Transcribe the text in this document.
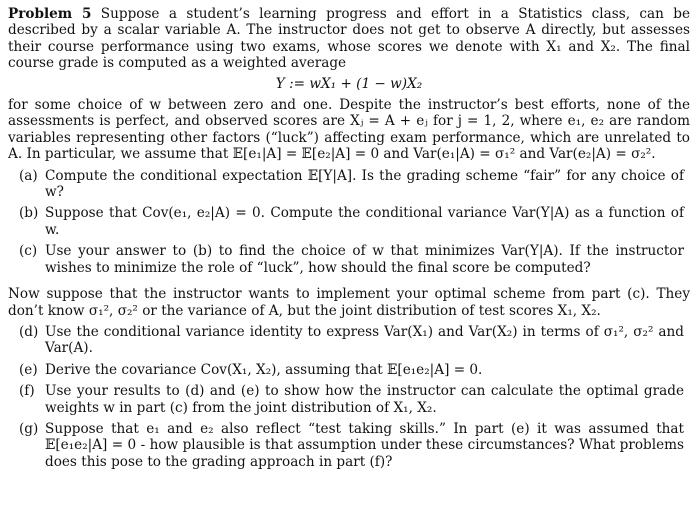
Problem 5 Suppose a student’s learning progress and effort in a Statistics class, can be described by a scalar variable A. The instructor does not get to observe A directly, but assesses their course performance using two exams, whose scores we denote with X₁ and X₂. The final course grade is computed as a weighted average

Y := wX₁ + (1 − w)X₂

for some choice of w between zero and one. Despite the instructor’s best efforts, none of the assessments is perfect, and observed scores are Xⱼ = A + eⱼ for j = 1, 2, where e₁, e₂ are random variables representing other factors (“luck”) affecting exam performance, which are unrelated to A. In particular, we assume that 𝔼[e₁|A] = 𝔼[e₂|A] = 0 and Var(e₁|A) = σ₁² and Var(e₂|A) = σ₂².

(a) Compute the conditional expectation 𝔼[Y|A]. Is the grading scheme “fair” for any choice of w?
(b) Suppose that Cov(e₁, e₂|A) = 0. Compute the conditional variance Var(Y|A) as a function of w.
(c) Use your answer to (b) to find the choice of w that minimizes Var(Y|A). If the instructor wishes to minimize the role of “luck”, how should the final score be computed?

Now suppose that the instructor wants to implement your optimal scheme from part (c). They don’t know σ₁², σ₂² or the variance of A, but the joint distribution of test scores X₁, X₂.

(d) Use the conditional variance identity to express Var(X₁) and Var(X₂) in terms of σ₁², σ₂² and Var(A).
(e) Derive the covariance Cov(X₁, X₂), assuming that 𝔼[e₁e₂|A] = 0.
(f) Use your results to (d) and (e) to show how the instructor can calculate the optimal grade weights w in part (c) from the joint distribution of X₁, X₂.
(g) Suppose that e₁ and e₂ also reflect “test taking skills.” In part (e) it was assumed that 𝔼[e₁e₂|A] = 0 - how plausible is that assumption under these circumstances? What problems does this pose to the grading approach in part (f)?
